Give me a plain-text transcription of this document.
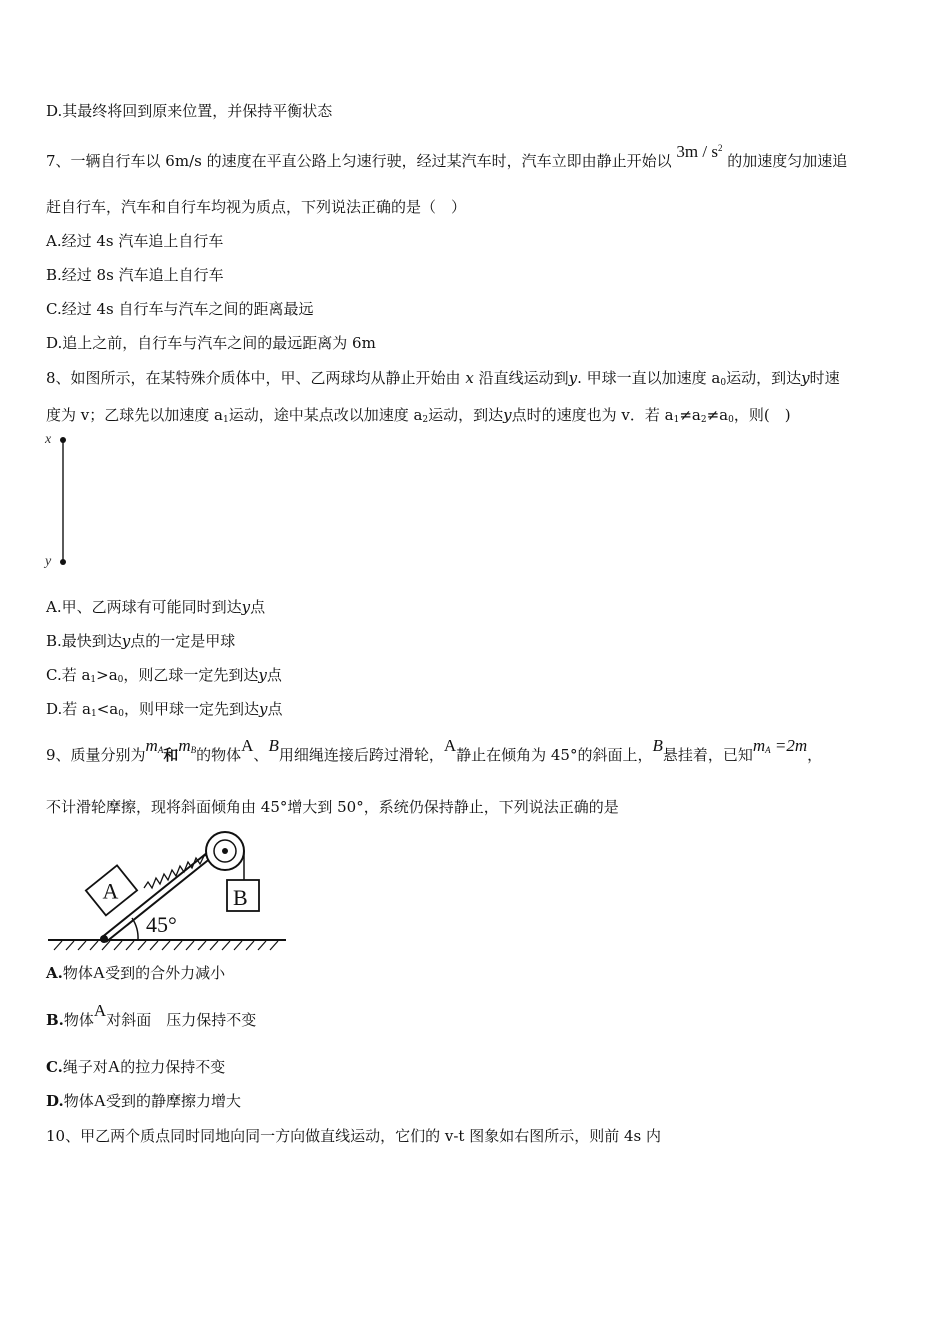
D.其最终将回到原来位置，并保持平衡状态
7、一辆自行车以 6m/s 的速度在平直公路上匀速行驶，经过某汽车时，汽车立即由静止开始以 $3m / s^2$ 的加速度匀加速追
赶自行车，汽车和自行车均视为质点，下列说法正确的是（　）
A.经过 4s 汽车追上自行车
B.经过 8s 汽车追上自行车
C.经过 4s 自行车与汽车之间的距离最远
D.追上之前，自行车与汽车之间的最远距离为 6m
8、如图所示，在某特殊介质体中，甲、乙两球均从静止开始由 x 沿直线运动到y. 甲球一直以加速度 $a_0$运动，到达y时速
度为 v；乙球先以加速度 $a_1$运动，途中某点改以加速度 $a_2$运动，到达y点时的速度也为 v．若 $a_1\ne a_2\ne a_0$，则(　)
x
y
A.甲、乙两球有可能同时到达y点
B.最快到达y点的一定是甲球
C.若 $a_1>a_0$，则乙球一定先到达y点
D.若 $a_1<a_0$，则甲球一定先到达y点
9、质量分别为$m_A$和$m_B$的物体A、B用细绳连接后跨过滑轮，A静止在倾角为 45°的斜面上，B悬挂着，已知$m_A =2m$，
不计滑轮摩擦，现将斜面倾角由 45°增大到 50°，系统仍保持静止，下列说法正确的是
45°
A	B
A.物体A受到的合外力减小
B.物体A对斜面　压力保持不变
C.绳子对A的拉力保持不变
D.物体A受到的静摩擦力增大
10、甲乙两个质点同时同地向同一方向做直线运动，它们的 v-t 图象如右图所示，则前 4s 内
